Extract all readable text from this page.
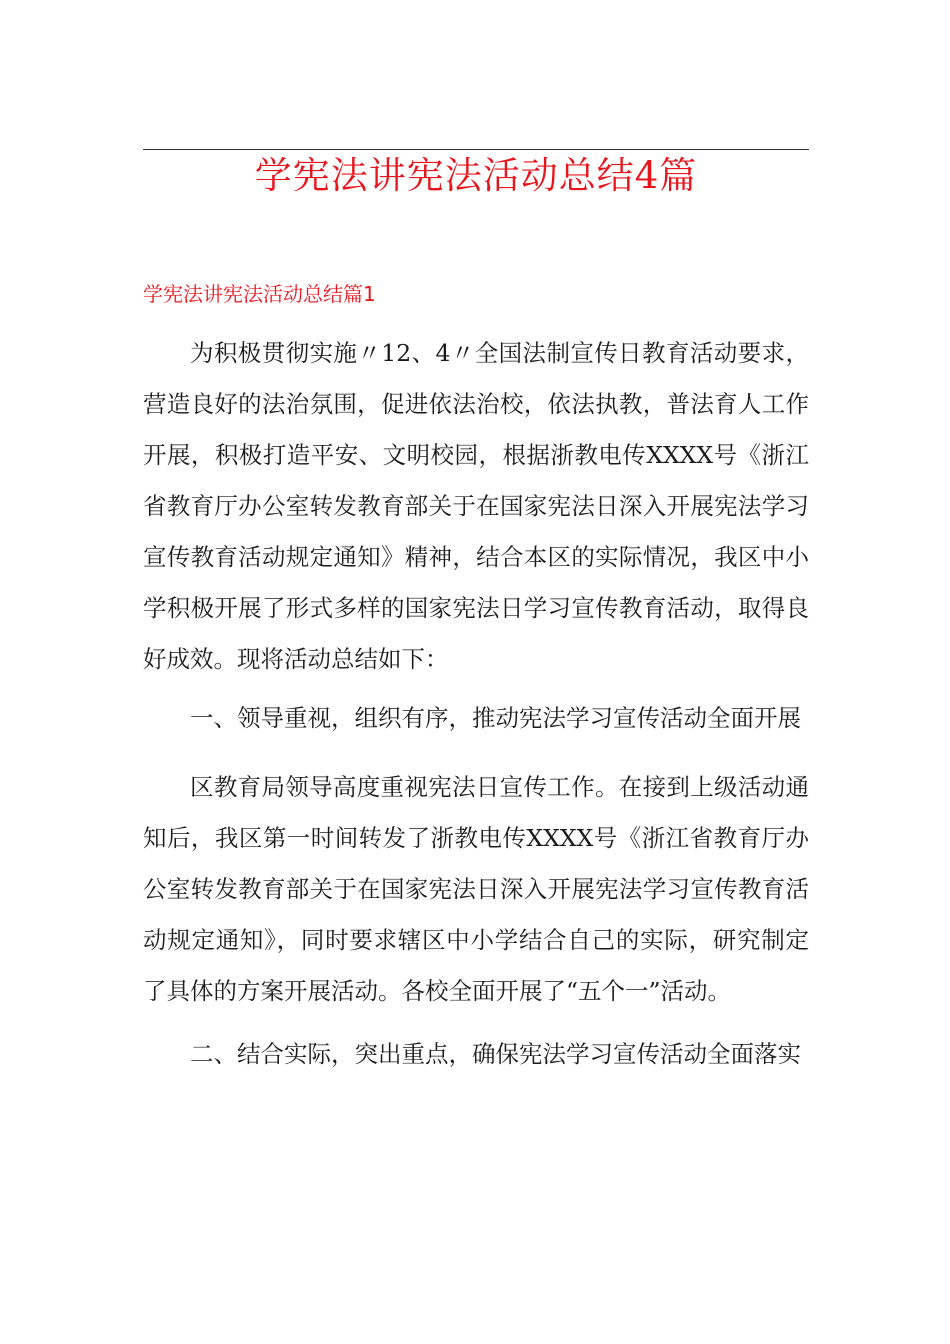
学宪法讲宪法活动总结4篇
学宪法讲宪法活动总结篇1

为积极贯彻实施〃12、4〃全国法制宣传日教育活动要求，营造良好的法治氛围，促进依法治校，依法执教，普法育人工作开展，积极打造平安、文明校园，根据浙教电传XXXX号《浙江省教育厅办公室转发教育部关于在国家宪法日深入开展宪法学习宣传教育活动规定通知》精神，结合本区的实际情况，我区中小学积极开展了形式多样的国家宪法日学习宣传教育活动，取得良好成效。现将活动总结如下：

一、领导重视，组织有序，推动宪法学习宣传活动全面开展

区教育局领导高度重视宪法日宣传工作。在接到上级活动通知后，我区第一时间转发了浙教电传XXXX号《浙江省教育厅办公室转发教育部关于在国家宪法日深入开展宪法学习宣传教育活动规定通知》，同时要求辖区中小学结合自己的实际，研究制定了具体的方案开展活动。各校全面开展了“五个一”活动。

二、结合实际，突出重点，确保宪法学习宣传活动全面落实
